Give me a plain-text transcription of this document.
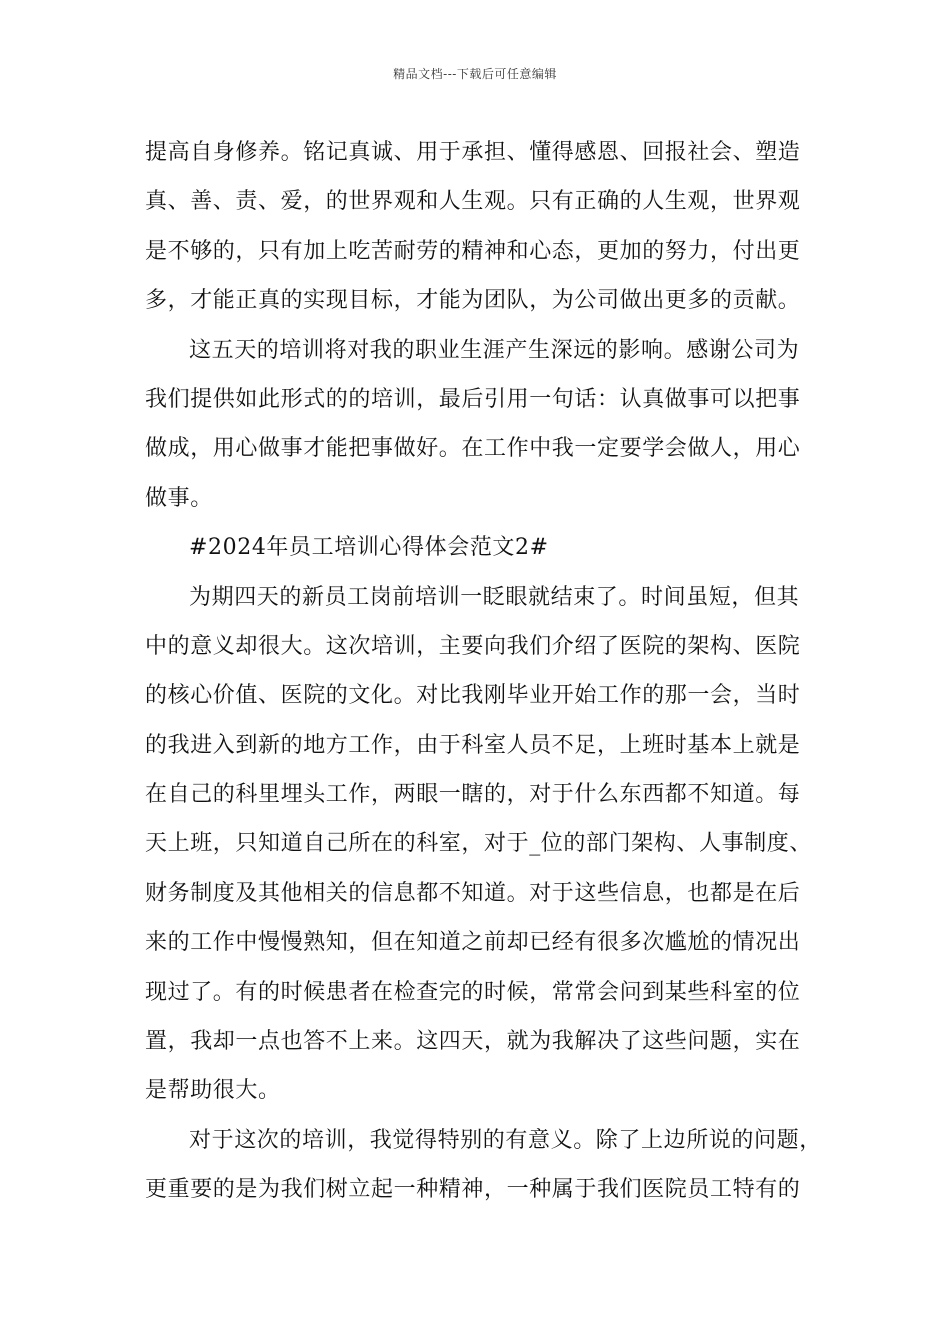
精品文档---下载后可任意编辑
提高自身修养。铭记真诚、用于承担、懂得感恩、回报社会、塑造
真、善、责、爱，的世界观和人生观。只有正确的人生观，世界观
是不够的，只有加上吃苦耐劳的精神和心态，更加的努力，付出更
多，才能正真的实现目标，才能为团队，为公司做出更多的贡献。
这五天的培训将对我的职业生涯产生深远的影响。感谢公司为
我们提供如此形式的的培训，最后引用一句话：认真做事可以把事
做成，用心做事才能把事做好。在工作中我一定要学会做人，用心
做事。
#2024年员工培训心得体会范文2#
为期四天的新员工岗前培训一眨眼就结束了。时间虽短，但其
中的意义却很大。这次培训，主要向我们介绍了医院的架构、医院
的核心价值、医院的文化。对比我刚毕业开始工作的那一会，当时
的我进入到新的地方工作，由于科室人员不足，上班时基本上就是
在自己的科里埋头工作，两眼一瞎的，对于什么东西都不知道。每
天上班，只知道自己所在的科室，对于_位的部门架构、人事制度、
财务制度及其他相关的信息都不知道。对于这些信息，也都是在后
来的工作中慢慢熟知，但在知道之前却已经有很多次尴尬的情况出
现过了。有的时候患者在检查完的时候，常常会问到某些科室的位
置，我却一点也答不上来。这四天，就为我解决了这些问题，实在
是帮助很大。
对于这次的培训，我觉得特别的有意义。除了上边所说的问题，
更重要的是为我们树立起一种精神，一种属于我们医院员工特有的
